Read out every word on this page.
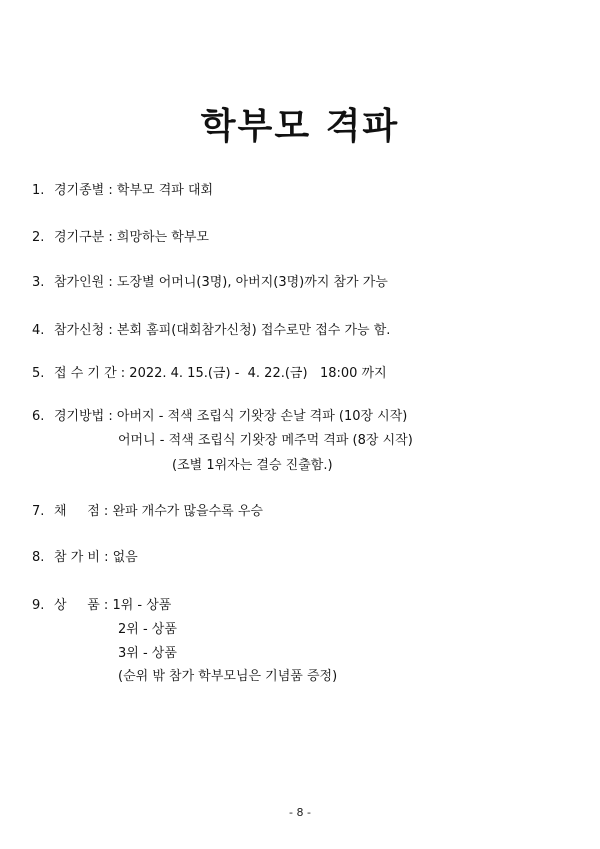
학부모 격파
1. 경기종별 : 학부모 격파 대회
2. 경기구분 : 희망하는 학부모
3. 참가인원 : 도장별 어머니(3명), 아버지(3명)까지 참가 가능
4. 참가신청 : 본회 홈피(대회참가신청) 접수로만 접수 가능 함.
5. 접 수 기 간 : 2022. 4. 15.(금) -  4. 22.(금)   18:00 까지
6. 경기방법 : 아버지 - 적색 조립식 기왓장 손날 격파 (10장 시작)
어머니 - 적색 조립식 기왓장 메주먹 격파 (8장 시작)
(조별 1위자는 결승 진출함.)
7. 채     점 : 완파 개수가 많을수록 우승
8. 참 가 비 : 없음
9. 상     품 : 1위 - 상품
2위 - 상품
3위 - 상품
(순위 밖 참가 학부모님은 기념품 증정)
- 8 -
